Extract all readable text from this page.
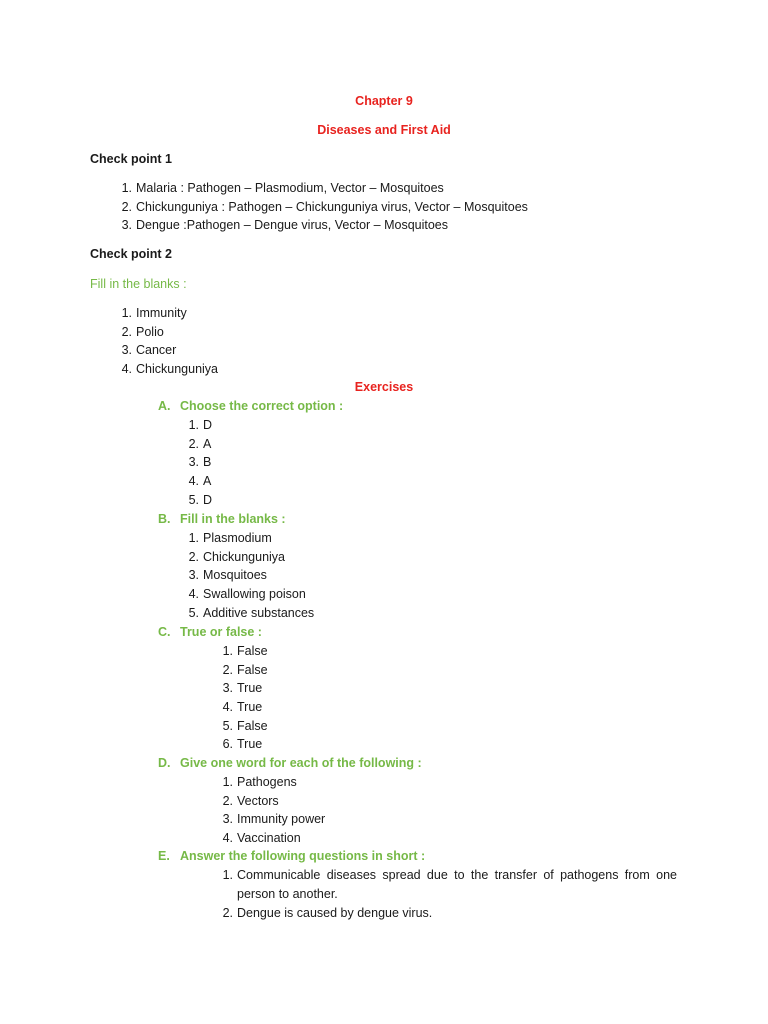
Chapter 9
Diseases and First Aid
Check point 1
1. Malaria : Pathogen – Plasmodium, Vector – Mosquitoes
2. Chickunguniya : Pathogen – Chickunguniya virus, Vector – Mosquitoes
3. Dengue :Pathogen – Dengue virus, Vector – Mosquitoes
Check point 2
Fill in the blanks :
1. Immunity
2. Polio
3. Cancer
4. Chickunguniya
Exercises
A. Choose the correct option :
1. D
2. A
3. B
4. A
5. D
B. Fill in the blanks :
1. Plasmodium
2. Chickunguniya
3. Mosquitoes
4. Swallowing poison
5. Additive substances
C. True or false :
1. False
2. False
3. True
4. True
5. False
6. True
D. Give one word for each of the following :
1. Pathogens
2. Vectors
3. Immunity power
4. Vaccination
E. Answer the following questions in short :
1. Communicable diseases spread due to the transfer of pathogens from one person to another.
2. Dengue is caused by dengue virus.
